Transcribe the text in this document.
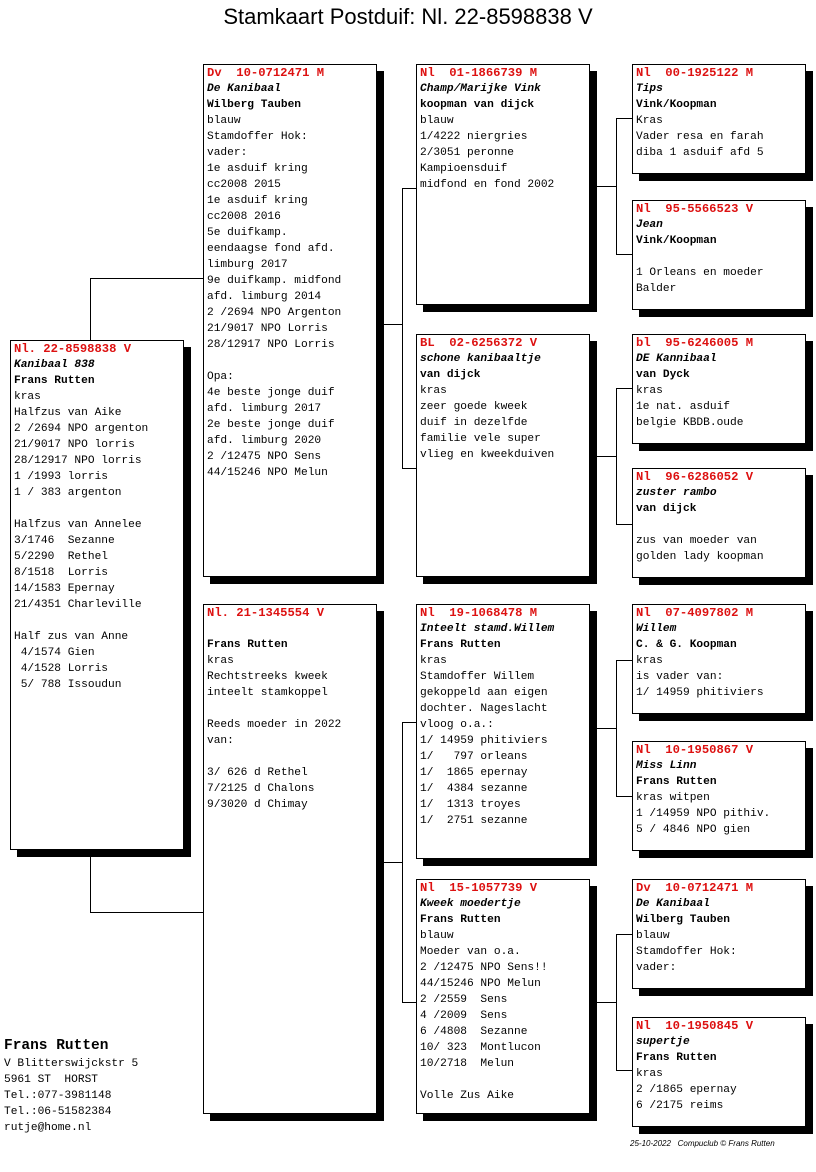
Stamkaart Postduif: Nl. 22-8598838 V
Nl. 22-8598838 V
Kanibaal 838
Frans Rutten
kras
Halfzus van Aike
2 /2694 NPO argenton
21/9017 NPO lorris
28/12917 NPO lorris
1 /1993 lorris
1 / 383 argenton
Halfzus van Annelee
3/1746  Sezanne
5/2290  Rethel
8/1518  Lorris
14/1583 Epernay
21/4351 Charleville
Half zus van Anne
4/1574 Gien
4/1528 Lorris
5/ 788 Issoudun
Dv  10-0712471 M
De Kanibaal
Wilberg Tauben
blauw
Stamdoffer Hok:
vader:
1e asduif kring
cc2008 2015
1e asduif kring
cc2008 2016
5e duifkamp.
eendaagse fond afd.
limburg 2017
9e duifkamp. midfond
afd. limburg 2014
2 /2694 NPO Argenton
21/9017 NPO Lorris
28/12917 NPO Lorris
Opa:
4e beste jonge duif
afd. limburg 2017
2e beste jonge duif
afd. limburg 2020
2 /12475 NPO Sens
44/15246 NPO Melun
Nl. 21-1345554 V
Frans Rutten
kras
Rechtstreeks kweek
inteelt stamkoppel
Reeds moeder in 2022
van:
3/ 626 d Rethel
7/2125 d Chalons
9/3020 d Chimay
Nl  01-1866739 M
Champ/Marijke Vink
koopman van dijck
blauw
1/4222 niergries
2/3051 peronne
Kampioensduif
midfond en fond 2002
BL  02-6256372 V
schone kanibaaltje
van dijck
kras
zeer goede kweek
duif in dezelfde
familie vele super
vlieg en kweekduiven
Nl  19-1068478 M
Inteelt stamd.Willem
Frans Rutten
kras
Stamdoffer Willem
gekoppeld aan eigen
dochter. Nageslacht
vloog o.a.:
1/ 14959 phitiviers
1/   797 orleans
1/  1865 epernay
1/  4384 sezanne
1/  1313 troyes
1/  2751 sezanne
Nl  15-1057739 V
Kweek moedertje
Frans Rutten
blauw
Moeder van o.a.
2 /12475 NPO Sens!!
44/15246 NPO Melun
2 /2559  Sens
4 /2009  Sens
6 /4808  Sezanne
10/ 323  Montlucon
10/2718  Melun
Volle Zus Aike
Nl  00-1925122 M
Tips
Vink/Koopman
Kras
Vader resa en farah
diba 1 asduif afd 5
Nl  95-5566523 V
Jean
Vink/Koopman
1 Orleans en moeder
Balder
bl  95-6246005 M
DE Kannibaal
van Dyck
kras
1e nat. asduif
belgie KBDB.oude
Nl  96-6286052 V
zuster rambo
van dijck
zus van moeder van
golden lady koopman
Nl  07-4097802 M
Willem
C. & G. Koopman
kras
is vader van:
1/ 14959 phitiviers
Nl  10-1950867 V
Miss Linn
Frans Rutten
kras witpen
1 /14959 NPO pithiv.
5 / 4846 NPO gien
Dv  10-0712471 M
De Kanibaal
Wilberg Tauben
blauw
Stamdoffer Hok:
vader:
Nl  10-1950845 V
supertje
Frans Rutten
kras
2 /1865 epernay
6 /2175 reims
Frans Rutten
V Blitterswijckstr 5
5961 ST  HORST
Tel.:077-3981148
Tel.:06-51582384
rutje@home.nl
25-10-2022   Compuclub © Frans Rutten
